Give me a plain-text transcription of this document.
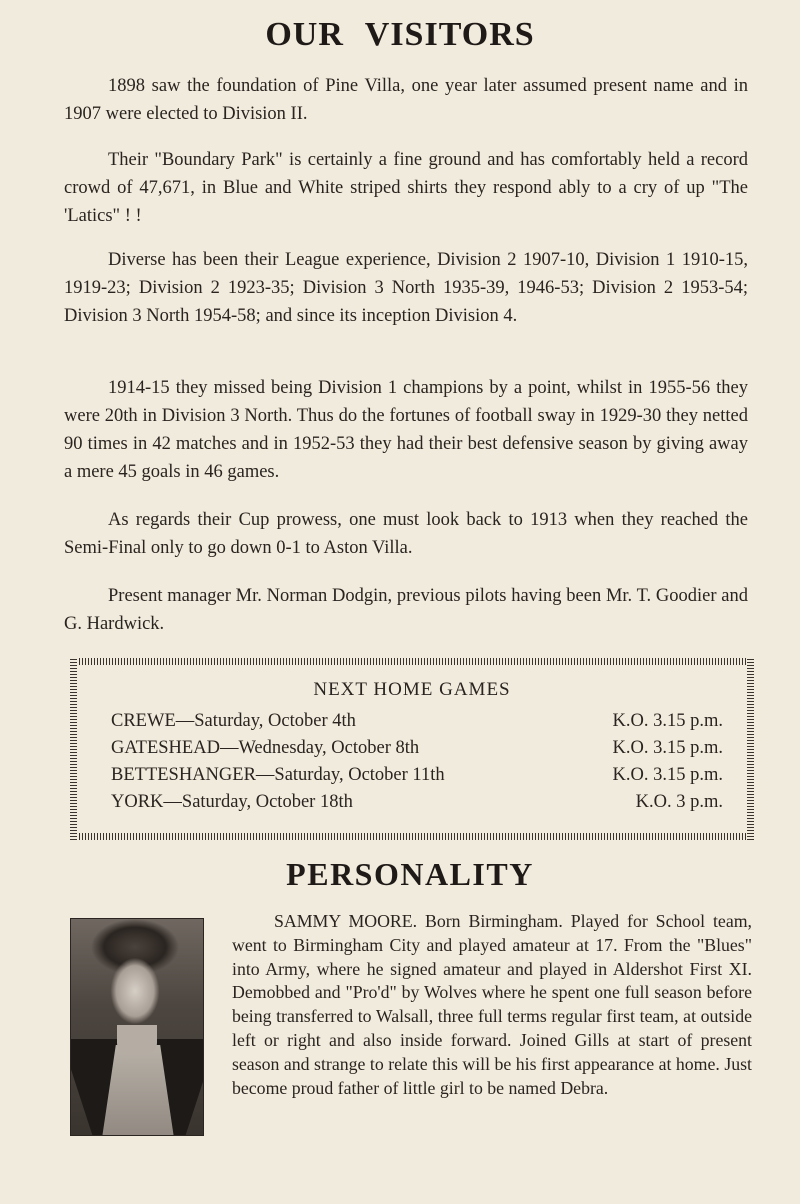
OUR VISITORS

1898 saw the foundation of Pine Villa, one year later assumed present name and in 1907 were elected to Division II.

Their "Boundary Park" is certainly a fine ground and has comfortably held a record crowd of 47,671, in Blue and White striped shirts they respond ably to a cry of up "The 'Latics" ! !

Diverse has been their League experience, Division 2 1907-10, Division 1 1910-15, 1919-23; Division 2 1923-35; Division 3 North 1935-39, 1946-53; Division 2 1953-54; Division 3 North 1954-58; and since its inception Division 4.

1914-15 they missed being Division 1 champions by a point, whilst in 1955-56 they were 20th in Division 3 North. Thus do the fortunes of football sway in 1929-30 they netted 90 times in 42 matches and in 1952-53 they had their best defensive season by giving away a mere 45 goals in 46 games.

As regards their Cup prowess, one must look back to 1913 when they reached the Semi-Final only to go down 0-1 to Aston Villa.

Present manager Mr. Norman Dodgin, previous pilots having been Mr. T. Goodier and G. Hardwick.

NEXT HOME GAMES
CREWE—Saturday, October 4th	K.O. 3.15 p.m.
GATESHEAD—Wednesday, October 8th	K.O. 3.15 p.m.
BETTESHANGER—Saturday, October 11th	K.O. 3.15 p.m.
YORK—Saturday, October 18th	K.O. 3 p.m.
PERSONALITY

SAMMY MOORE. Born Birmingham. Played for School team, went to Birmingham City and played amateur at 17. From the "Blues" into Army, where he signed amateur and played in Aldershot First XI. Demobbed and "Pro'd" by Wolves where he spent one full season before being transferred to Walsall, three full terms regular first team, at outside left or right and also inside forward. Joined Gills at start of present season and strange to relate this will be his first appearance at home. Just become proud father of little girl to be named Debra.
